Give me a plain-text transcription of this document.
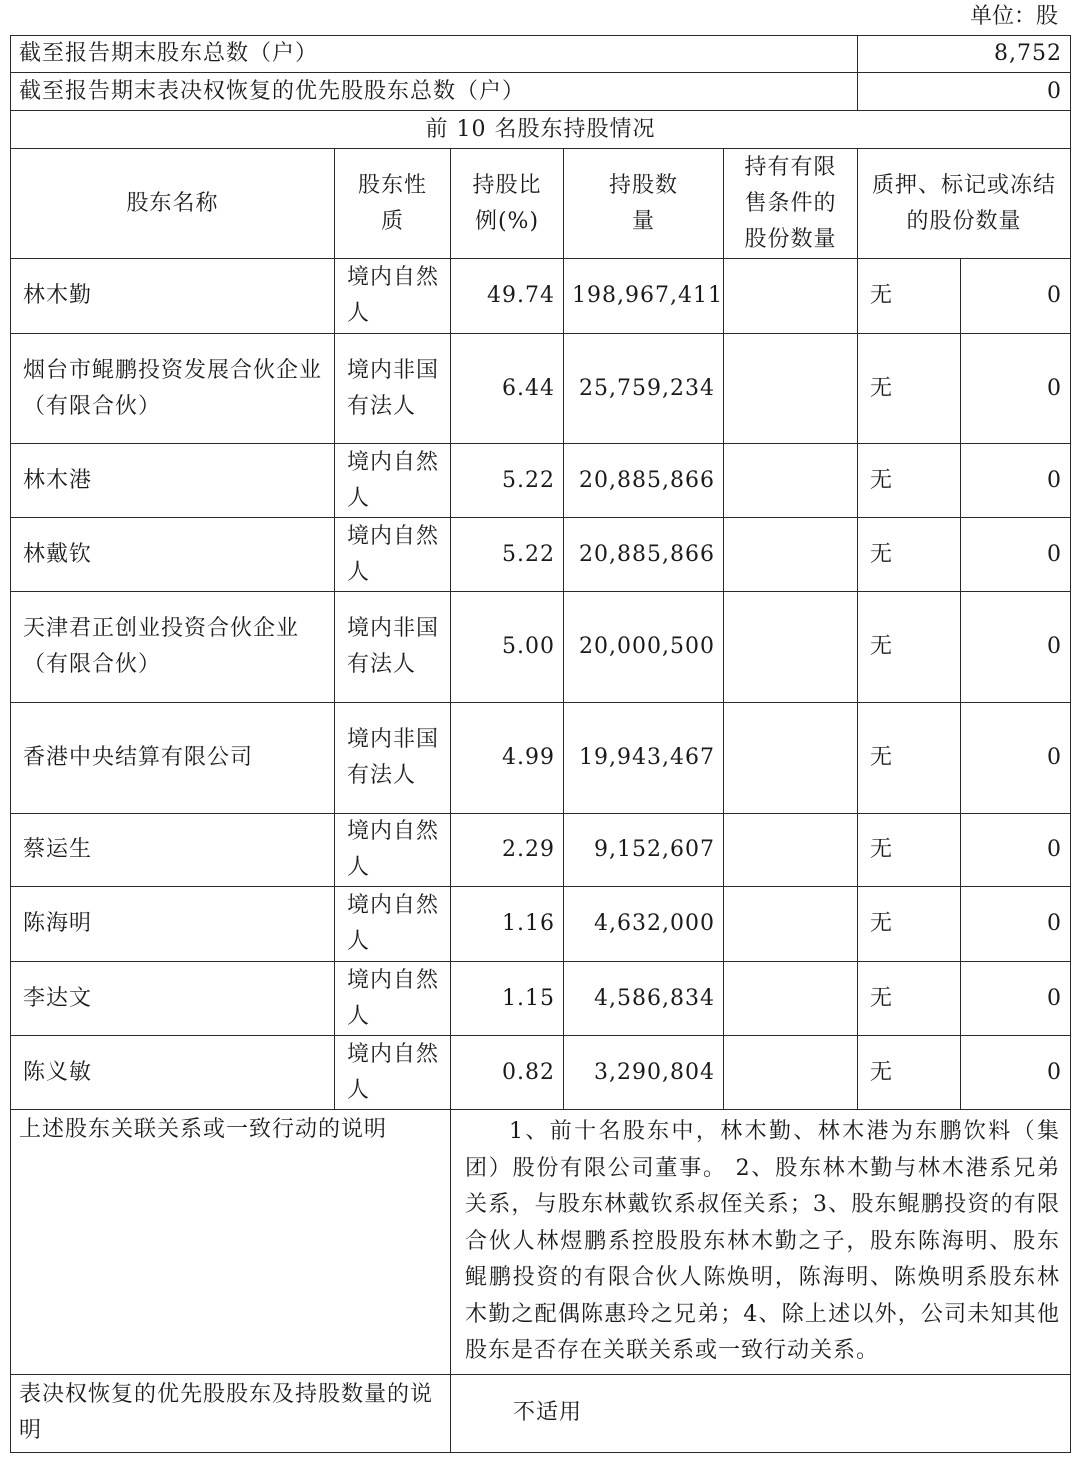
单位：股
截至报告期末股东总数（户）					8,752	
截至报告期末表决权恢复的优先股股东总数（户）					0	
前 10 名股东持股情况						
股东名称	股东性质	持股比例(%)	持股数量	持有有限售条件的股份数量	质押、标记或冻结的股份数量	
林木勤	境内自然人	49.74	198,967,411		无	0
烟台市鲲鹏投资发展合伙企业（有限合伙）	境内非国有法人	6.44	25,759,234		无	0
林木港	境内自然人	5.22	20,885,866		无	0
林戴钦	境内自然人	5.22	20,885,866		无	0
天津君正创业投资合伙企业（有限合伙）	境内非国有法人	5.00	20,000,500		无	0
香港中央结算有限公司	境内非国有法人	4.99	19,943,467		无	0
蔡运生	境内自然人	2.29	9,152,607		无	0
陈海明	境内自然人	1.16	4,632,000		无	0
李达文	境内自然人	1.15	4,586,834		无	0
陈义敏	境内自然人	0.82	3,290,804		无	0
上述股东关联关系或一致行动的说明		1、前十名股东中，林木勤、林木港为东鹏饮料（集团）股份有限公司董事。 2、股东林木勤与林木港系兄弟关系，与股东林戴钦系叔侄关系；3、股东鲲鹏投资的有限合伙人林煜鹏系控股股东林木勤之子，股东陈海明、股东鲲鹏投资的有限合伙人陈焕明，陈海明、陈焕明系股东林木勤之配偶陈惠玲之兄弟；4、除上述以外，公司未知其他股东是否存在关联关系或一致行动关系。				
表决权恢复的优先股股东及持股数量的说明		不适用				
